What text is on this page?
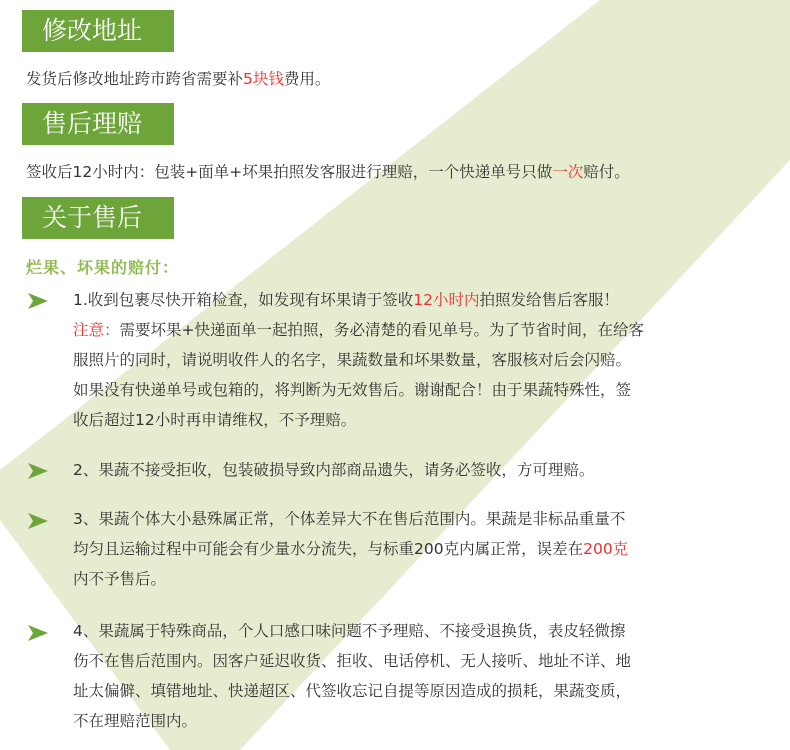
修改地址
发货后修改地址跨市跨省需要补5块钱费用。
售后理赔
签收后12小时内：包装+面单+坏果拍照发客服进行理赔，一个快递单号只做一次赔付。
关于售后
烂果、坏果的赔付：
1.收到包裹尽快开箱检查，如发现有坏果请于签收12小时内拍照发给售后客服！
注意：需要坏果+快递面单一起拍照，务必清楚的看见单号。为了节省时间，在给客
服照片的同时，请说明收件人的名字，果蔬数量和坏果数量，客服核对后会闪赔。
如果没有快递单号或包箱的，将判断为无效售后。谢谢配合！由于果蔬特殊性，签
收后超过12小时再申请维权，不予理赔。
2、果蔬不接受拒收，包装破损导致内部商品遗失，请务必签收，方可理赔。
3、果蔬个体大小悬殊属正常，个体差异大不在售后范围内。果蔬是非标品重量不
均匀且运输过程中可能会有少量水分流失，与标重200克内属正常，误差在200克
内不予售后。
4、果蔬属于特殊商品，个人口感口味问题不予理赔、不接受退换货，表皮轻微擦
伤不在售后范围内。因客户延迟收货、拒收、电话停机、无人接听、地址不详、地
址太偏僻、填错地址、快递超区、代签收忘记自提等原因造成的损耗，果蔬变质，
不在理赔范围内。
